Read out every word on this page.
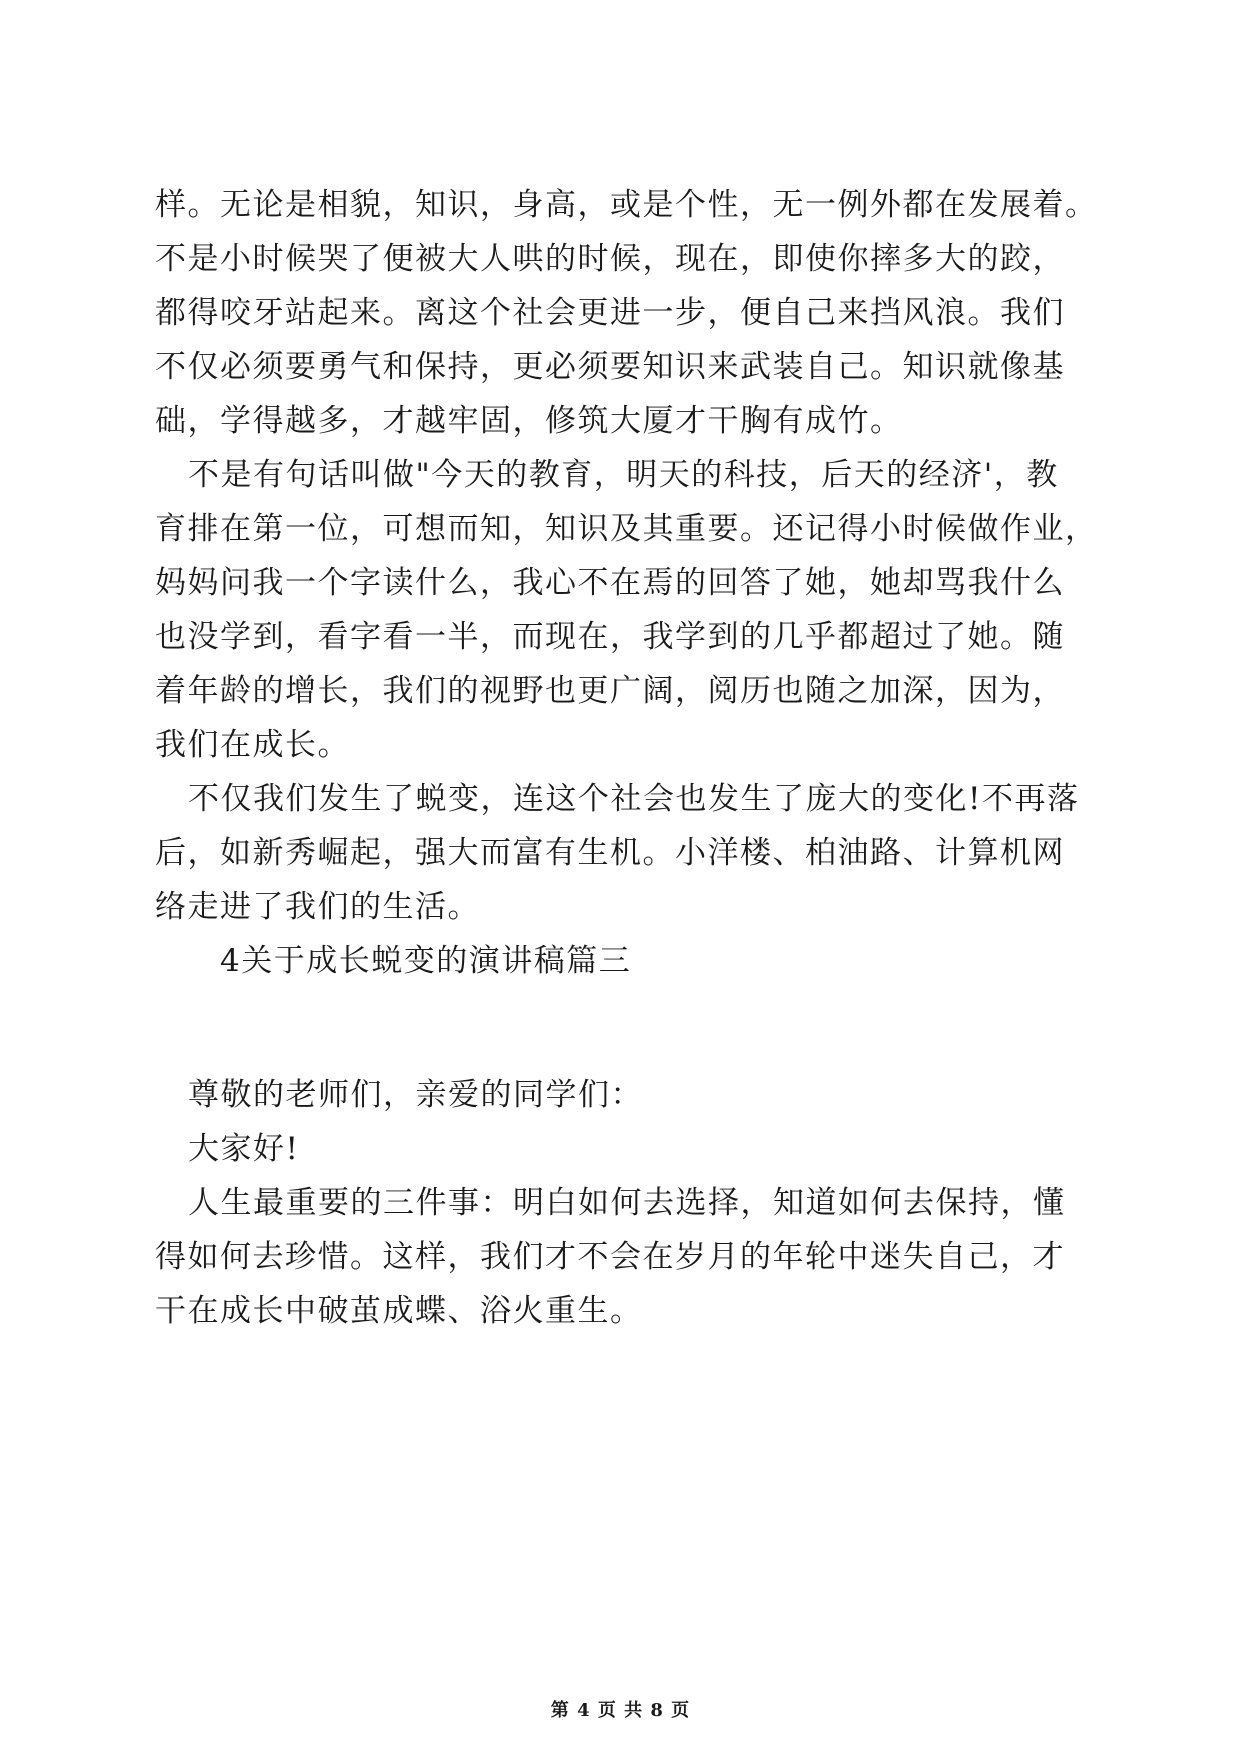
样。无论是相貌，知识，身高，或是个性，无一例外都在发展着。
不是小时候哭了便被大人哄的时候，现在，即使你摔多大的跤，
都得咬牙站起来。离这个社会更进一步，便自己来挡风浪。我们
不仅必须要勇气和保持，更必须要知识来武装自己。知识就像基
础，学得越多，才越牢固，修筑大厦才干胸有成竹。
不是有句话叫做"今天的教育，明天的科技，后天的经济'，教
育排在第一位，可想而知，知识及其重要。还记得小时候做作业，
妈妈问我一个字读什么，我心不在焉的回答了她，她却骂我什么
也没学到，看字看一半，而现在，我学到的几乎都超过了她。随
着年龄的增长，我们的视野也更广阔，阅历也随之加深，因为，
我们在成长。
不仅我们发生了蜕变，连这个社会也发生了庞大的变化!不再落
后，如新秀崛起，强大而富有生机。小洋楼、柏油路、计算机网
络走进了我们的生活。
4关于成长蜕变的演讲稿篇三
尊敬的老师们，亲爱的同学们：
大家好!
人生最重要的三件事：明白如何去选择，知道如何去保持，懂
得如何去珍惜。这样，我们才不会在岁月的年轮中迷失自己，才
干在成长中破茧成蝶、浴火重生。
第 4 页 共 8 页
